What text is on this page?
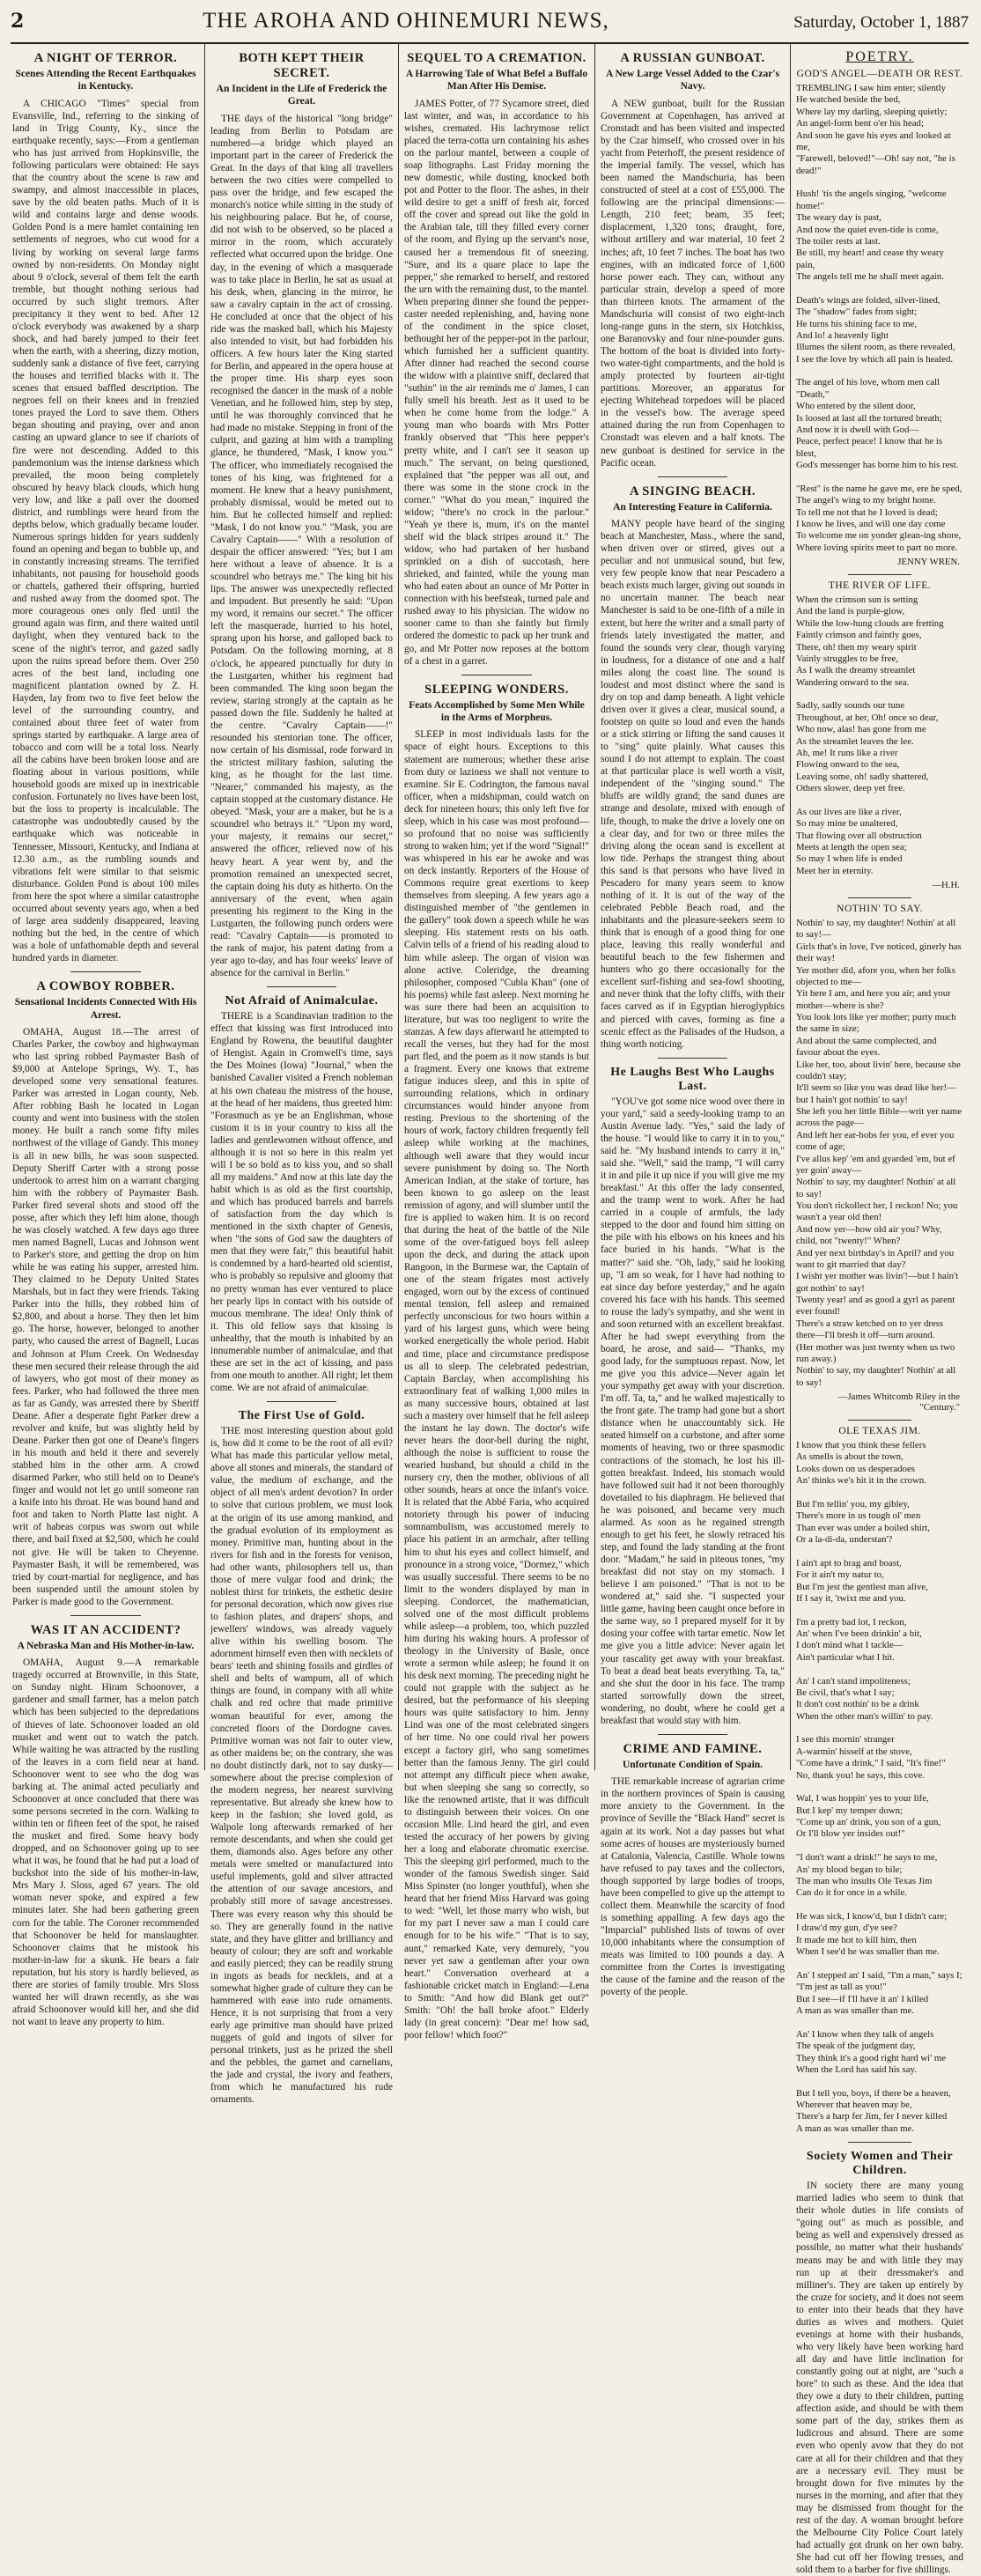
2	THE AROHA AND OHINEMURI NEWS,	Saturday, October 1, 1887
A NIGHT OF TERROR.
Scenes Attending the Recent Earthquakes in Kentucky.

A CHICAGO "Times" special from Evansville, Ind., referring to the sinking of land in Trigg County, Ky., since the earthquake recently, says:—From a gentleman who has just arrived from Hopkinsville, the following particulars were obtained: He says that the country about the scene is raw and swampy, and almost inaccessible in places, save by the old beaten paths. Much of it is wild and contains large and dense woods. Golden Pond is a mere hamlet containing ten settlements of negroes, who cut wood for a living by working on several large farms owned by non-residents. On Monday night about 9 o'clock, several of them felt the earth tremble, but thought nothing serious had occurred by such slight tremors. After precipitancy it they went to bed. After 12 o'clock everybody was awakened by a sharp shock, and had barely jumped to their feet when the earth, with a sheering, dizzy motion, suddenly sank a distance of five feet, carrying the houses and terrified blacks with it. The scenes that ensued baffled description. The negroes fell on their knees and in frenzied tones prayed the Lord to save them. Others began shouting and praying, over and anon casting an upward glance to see if chariots of fire were not descending. Added to this pandemonium was the intense darkness which prevailed, the moon being completely obscured by heavy black clouds, which hung very low, and like a pall over the doomed district, and rumblings were heard from the depths below, which gradually became louder. Numerous springs hidden for years suddenly found an opening and began to bubble up, and in constantly increasing streams. The terrified inhabitants, not pausing for household goods or chattels, gathered their offspring, hurried and rushed away from the doomed spot. The more courageous ones only fled until the ground again was firm, and there waited until daylight, when they ventured back to the scene of the night's terror, and gazed sadly upon the ruins spread before them. Over 250 acres of the best land, including one magnificent plantation owned by Z. H. Hayden, lay from two to five feet below the level of the surrounding country, and contained about three feet of water from springs started by earthquake. A large area of tobacco and corn will be a total loss. Nearly all the cabins have been broken loose and are floating about in various positions, while household goods are mixed up in inextricable confusion. Fortunately no lives have been lost, but the loss to property is incalculable. The catastrophe was undoubtedly caused by the earthquake which was noticeable in Tennessee, Missouri, Kentucky, and Indiana at 12.30 a.m., as the rumbling sounds and vibrations felt were similar to that seismic disturbance. Golden Pond is about 100 miles from here the spot where a similar catastrophe occurred about seventy years ago, when a bed of large area suddenly disappeared, leaving nothing but the bed, in the centre of which was a hole of unfathomable depth and several hundred yards in diameter.

A COWBOY ROBBER.
Sensational Incidents Connected With His Arrest.

OMAHA, August 18.—The arrest of Charles Parker, the cowboy and highwayman who last spring robbed Paymaster Bash of $9,000 at Antelope Springs, Wy. T., has developed some very sensational features. Parker was arrested in Logan county, Neb. After robbing Bash he located in Logan county and went into business with the stolen money. He built a ranch some fifty miles northwest of the village of Gandy. This money is all in new bills, he was soon suspected. Deputy Sheriff Carter with a strong posse undertook to arrest him on a warrant charging him with the robbery of Paymaster Bash. Parker fired several shots and stood off the posse, after which they left him alone, though he was closely watched. A few days ago three men named Bagnell, Lucas and Johnson went to Parker's store, and getting the drop on him while he was eating his supper, arrested him. They claimed to be Deputy United States Marshals, but in fact they were friends. Taking Parker into the hills, they robbed him of $2,800, and about a horse. They then let him go. The horse, however, belonged to another party, who caused the arrest of Bagnell, Lucas and Johnson at Plum Creek. On Wednesday these men secured their release through the aid of lawyers, who got most of their money as fees. Parker, who had followed the three men as far as Gandy, was arrested there by Sheriff Deane. After a desperate fight Parker drew a revolver and knife, but was slightly held by Deane. Parker then got one of Deane's fingers in his mouth and held it there and severely stabbed him in the other arm. A crowd disarmed Parker, who still held on to Deane's finger and would not let go until someone ran a knife into his throat. He was bound hand and foot and taken to North Platte last night. A writ of habeas corpus was sworn out while there, and bail fixed at $2,500, which he could not give. He will be taken to Cheyenne. Paymaster Bash, it will be remembered, was tried by court-martial for negligence, and has been suspended until the amount stolen by Parker is made good to the Government.

WAS IT AN ACCIDENT?
A Nebraska Man and His Mother-in-law.

OMAHA, August 9.—A remarkable tragedy occurred at Brownville, in this State, on Sunday night. Hiram Schoonover, a gardener and small farmer, has a melon patch which has been subjected to the depredations of thieves of late. Schoonover loaded an old musket and went out to watch the patch. While waiting he was attracted by the rustling of the leaves in a corn field near at hand. Schoonover went to see who the dog was barking at. The animal acted peculiarly and Schoonover at once concluded that there was some persons secreted in the corn. Walking to within ten or fifteen feet of the spot, he raised the musket and fired. Some heavy body dropped, and on Schoonover going up to see what it was, he found that he had put a load of buckshot into the side of his mother-in-law, Mrs Mary J. Sloss, aged 67 years. The old woman never spoke, and expired a few minutes later. She had been gathering green corn for the table. The Coroner recommended that Schoonover be held for manslaughter. Schoonover claims that he mistook his mother-in-law for a skunk. He bears a fair reputation, but his story is hardly believed, as there are stories of family trouble. Mrs Sloss wanted her will drawn recently, as she was afraid Schoonover would kill her, and she did not want to leave any property to him.

BOTH KEPT THEIR SECRET.
An Incident in the Life of Frederick the Great.

THE days of the historical "long bridge" leading from Berlin to Potsdam are numbered—a bridge which played an important part in the career of Frederick the Great. In the days of that king all travellers between the two cities were compelled to pass over the bridge, and few escaped the monarch's notice while sitting in the study of his neighbouring palace. But he, of course, did not wish to be observed, so he placed a mirror in the room, which accurately reflected what occurred upon the bridge. One day, in the evening of which a masquerade was to take place in Berlin, he sat as usual at his desk, when, glancing in the mirror, he saw a cavalry captain in the act of crossing. He concluded at once that the object of his ride was the masked ball, which his Majesty also intended to visit, but had forbidden his officers. A few hours later the King started for Berlin, and appeared in the opera house at the proper time. His sharp eyes soon recognised the dancer in the mask of a noble Venetian, and he followed him, step by step, until he was thoroughly convinced that he had made no mistake. Stepping in front of the culprit, and gazing at him with a trampling glance, he thundered, "Mask, I know you." The officer, who immediately recognised the tones of his king, was frightened for a moment. He knew that a heavy punishment, probably dismissal, would be meted out to him. But he collected himself and replied: "Mask, I do not know you." "Mask, you are Cavalry Captain——" With a resolution of despair the officer answered: "Yes; but I am here without a leave of absence. It is a scoundrel who betrays me." The king bit his lips. The answer was unexpectedly reflected and impudent. But presently he said: "Upon my word, it remains our secret." The officer left the masquerade, hurried to his hotel, sprang upon his horse, and galloped back to Potsdam. On the following morning, at 8 o'clock, he appeared punctually for duty in the Lustgarten, whither his regiment had been commanded. The king soon began the review, staring strongly at the captain as he passed down the file. Suddenly he halted at the centre. "Cavalry Captain——!" resounded his stentorian tone. The officer, now certain of his dismissal, rode forward in the strictest military fashion, saluting the king, as he thought for the last time. "Nearer," commanded his majesty, as the captain stopped at the customary distance. He obeyed. "Mask, your are a maker, but he is a scoundrel who betrays it." "Upon my word, your majesty, it remains our secret," answered the officer, relieved now of his heavy heart. A year went by, and the promotion remained an unexpected secret, the captain doing his duty as hitherto. On the anniversary of the event, when again presenting his regiment to the King in the Lustgarten, the following punch orders were read: "Cavalry Captain——is promoted to the rank of major, his patent dating from a year ago to-day, and has four weeks' leave of absence for the carnival in Berlin."

Not Afraid of Animalculae.

THERE is a Scandinavian tradition to the effect that kissing was first introduced into England by Rowena, the beautiful daughter of Hengist. Again in Cromwell's time, says the Des Moines (Iowa) "Journal," when the banished Cavalier visited a French nobleman at his own chateau the mistress of the house, at the head of her maidens, thus greeted him: "Forasmuch as ye be an Englishman, whose custom it is in your country to kiss all the ladies and gentlewomen without offence, and although it is not so here in this realm yet will I be so bold as to kiss you, and so shall all my maidens." And now at this late day the habit which is as old as the first courtship, and which has produced barrels and barrels of satisfaction from the day which is mentioned in the sixth chapter of Genesis, when "the sons of God saw the daughters of men that they were fair," this beautiful habit is condemned by a hard-hearted old scientist, who is probably so repulsive and gloomy that no pretty woman has ever ventured to place her pearly lips in contact with his outside of mucous membrane. The idea! Only think of it. This old fellow says that kissing is unhealthy, that the mouth is inhabited by an innumerable number of animalculae, and that these are set in the act of kissing, and pass from one mouth to another. All right; let them come. We are not afraid of animalculae.

The First Use of Gold.

THE most interesting question about gold is, how did it come to be the root of all evil? What has made this particular yellow metal, above all stones and minerals, the standard of value, the medium of exchange, and the object of all men's ardent devotion? In order to solve that curious problem, we must look at the origin of its use among mankind, and the gradual evolution of its employment as money. Primitive man, hunting about in the rivers for fish and in the forests for venison, had other wants, philosophers tell us, than those of mere vulgar food and drink; the noblest thirst for trinkets, the esthetic desire for personal decoration, which now gives rise to fashion plates, and drapers' shops, and jewellers' windows, was already vaguely alive within his swelling bosom. The adornment himself even then with necklets of bears' teeth and shining fossils and girdles of shell and belts of wampum, all of which things are found, in company with all white chalk and red ochre that made primitive woman beautiful for ever, among the concreted floors of the Dordogne caves. Primitive woman was not fair to outer view, as other maidens be; on the contrary, she was no doubt distinctly dark, not to say dusky—somewhere about the precise complexion of the modern negress, her nearest surviving representative. But already she knew how to keep in the fashion; she loved gold, as Walpole long afterwards remarked of her remote descendants, and when she could get them, diamonds also. Ages before any other metals were smelted or manufactured into useful implements, gold and silver attracted the attention of our savage ancestors, and probably still more of savage ancestresses. There was every reason why this should be so. They are generally found in the native state, and they have glitter and brilliancy and beauty of colour; they are soft and workable and easily pierced; they can be readily strung in ingots as beads for necklets, and at a somewhat higher grade of culture they can be hammered with ease into rude ornaments. Hence, it is not surprising that from a very early age primitive man should have prized nuggets of gold and ingots of silver for personal trinkets, just as he prized the shell and the pebbles, the garnet and carnelians, the jade and crystal, the ivory and feathers, from which he manufactured his rude ornaments.

SEQUEL TO A CREMATION.
A Harrowing Tale of What Befel a Buffalo Man After His Demise.

JAMES Potter, of 77 Sycamore street, died last winter, and was, in accordance to his wishes, cremated. His lachrymose relict placed the terra-cotta urn containing his ashes on the parlour mantel, between a couple of soap lithographs. Last Friday morning the new domestic, while dusting, knocked both pot and Potter to the floor. The ashes, in their wild desire to get a sniff of fresh air, forced off the cover and spread out like the gold in the Arabian tale, till they filled every corner of the room, and flying up the servant's nose, caused her a tremendous fit of sneezing. "Sure, and its a quare place to lape the pepper," she remarked to herself, and restored the urn with the remaining dust, to the mantel. When preparing dinner she found the pepper-caster needed replenishing, and, having none of the condiment in the spice closet, bethought her of the pepper-pot in the parlour, which furnished her a sufficient quantity. After dinner had reached the second course the widow with a plaintive sniff, declared that "suthin" in the air reminds me o' James, I can fully smell his breath. Jest as it used to be when he come home from the lodge." A young man who boards with Mrs Potter frankly observed that "This here pepper's pretty white, and I can't see it season up much." The servant, on being questioned, explained that "the pepper was all out, and there was some in the stone crock in the corner." "What do you mean," inquired the widow; "there's no crock in the parlour." "Yeah ye there is, mum, it's on the mantel shelf wid the black stripes around it." The widow, who had partaken of her husband sprinkled on a dish of succotash, here shrieked, and fainted, while the young man who had eaten about an ounce of Mr Potter in connection with his beefsteak, turned pale and rushed away to his physician. The widow no sooner came to than she faintly but firmly ordered the domestic to pack up her trunk and go, and Mr Potter now reposes at the bottom of a chest in a garret.

SLEEPING WONDERS.
Feats Accomplished by Some Men While in the Arms of Morpheus.

SLEEP in most individuals lasts for the space of eight hours. Exceptions to this statement are numerous; whether these arise from duty or laziness we shall not venture to examine. Sir E. Codrington, the famous naval officer, when a midshipman, could watch on deck for nineteen hours; this only left five for sleep, which in his case was most profound—so profound that no noise was sufficiently strong to waken him; yet if the word "Signal!" was whispered in his ear he awoke and was on deck instantly. Reporters of the House of Commons require great exertions to keep themselves from sleeping. A few years ago a distinguished member of "the gentlemen in the gallery" took down a speech while he was sleeping. His statement rests on his oath. Calvin tells of a friend of his reading aloud to him while asleep. The organ of vision was alone active. Coleridge, the dreaming philosopher, composed "Cubla Khan" (one of his poems) while fast asleep. Next morning he was sure there had been an acquisition to literature, but was too negligent to write the stanzas. A few days afterward he attempted to recall the verses, but they had for the most part fled, and the poem as it now stands is but a fragment. Every one knows that extreme fatigue induces sleep, and this in spite of surrounding relations, which in ordinary circumstances would hinder anyone from resting. Previous to the shortening of the hours of work, factory children frequently fell asleep while working at the machines, although well aware that they would incur severe punishment by doing so. The North American Indian, at the stake of torture, has been known to go asleep on the least remission of agony, and will slumber until the fire is applied to waken him. It is on record that during the heat of the battle of the Nile some of the over-fatigued boys fell asleep upon the deck, and during the attack upon Rangoon, in the Burmese war, the Captain of one of the steam frigates most actively engaged, worn out by the excess of continued mental tension, fell asleep and remained perfectly unconscious for two hours within a yard of his largest guns, which were being worked energetically the whole period. Habit and time, place and circumstance predispose us all to sleep. The celebrated pedestrian, Captain Barclay, when accomplishing his extraordinary feat of walking 1,000 miles in as many successive hours, obtained at last such a mastery over himself that he fell asleep the instant he lay down. The doctor's wife never hears the door-bell during the night, although the noise is sufficient to rouse the wearied husband, but should a child in the nursery cry, then the mother, oblivious of all other sounds, hears at once the infant's voice. It is related that the Abbé Faria, who acquired notoriety through his power of inducing somnambulism, was accustomed merely to place his patient in an armchair, after telling him to shut his eyes and collect himself, and pronounce in a strong voice, "Dormez," which was usually successful. There seems to be no limit to the wonders displayed by man in sleeping. Condorcet, the mathematician, solved one of the most difficult problems while asleep—a problem, too, which puzzled him during his waking hours. A professor of theology in the University of Basle, once wrote a sermon while asleep; he found it on his desk next morning. The preceding night he could not grapple with the subject as he desired, but the performance of his sleeping hours was quite satisfactory to him. Jenny Lind was one of the most celebrated singers of her time. No one could rival her powers except a factory girl, who sang sometimes better than the famous Jenny. The girl could not attempt any difficult piece when awake, but when sleeping she sang so correctly, so like the renowned artiste, that it was difficult to distinguish between their voices. On one occasion Mlle. Lind heard the girl, and even tested the accuracy of her powers by giving her a long and elaborate chromatic exercise. This the sleeping girl performed, much to the wonder of the famous Swedish singer. Said Miss Spinster (no longer youthful), when she heard that her friend Miss Harvard was going to wed: "Well, let those marry who wish, but for my part I never saw a man I could care enough for to be his wife." "That is to say, aunt," remarked Kate, very demurely, "you never yet saw a gentleman after your own heart." Conversation overheard at a fashionable cricket match in England:—Lena to Smith: "And how did Blank get out?" Smith: "Oh! the ball broke afoot." Elderly lady (in great concern): "Dear me! how sad, poor fellow! which foot?"

A RUSSIAN GUNBOAT.
A New Large Vessel Added to the Czar's Navy.

A NEW gunboat, built for the Russian Government at Copenhagen, has arrived at Cronstadt and has been visited and inspected by the Czar himself, who crossed over in his yacht from Peterhoff, the present residence of the imperial family. The vessel, which has been named the Mandschuria, has been constructed of steel at a cost of £55,000. The following are the principal dimensions:—Length, 210 feet; beam, 35 feet; displacement, 1,320 tons; draught, fore, without artillery and war material, 10 feet 2 inches; aft, 10 feet 7 inches. The boat has two engines, with an indicated force of 1,600 horse power each. They can, without any particular strain, develop a speed of more than thirteen knots. The armament of the Mandschuria will consist of two eight-inch long-range guns in the stern, six Hotchkiss, one Baranovsky and four nine-pounder guns. The bottom of the boat is divided into forty-two water-tight compartments, and the hold is amply protected by fourteen air-tight partitions. Moreover, an apparatus for ejecting Whitehead torpedoes will be placed in the vessel's bow. The average speed attained during the run from Copenhagen to Cronstadt was eleven and a half knots. The new gunboat is destined for service in the Pacific ocean.

A SINGING BEACH.
An Interesting Feature in California.

MANY people have heard of the singing beach at Manchester, Mass., where the sand, when driven over or stirred, gives out a peculiar and not unmusical sound, but few, very few people know that near Pescadero a beach exists much larger, giving out sounds in no uncertain manner. The beach near Manchester is said to be one-fifth of a mile in extent, but here the writer and a small party of friends lately investigated the matter, and found the sounds very clear, though varying in loudness, for a distance of one and a half miles along the coast line. The sound is loudest and most distinct where the sand is dry on top and damp beneath. A light vehicle driven over it gives a clear, musical sound, a footstep on quite so loud and even the hands or a stick stirring or lifting the sand causes it to "sing" quite plainly. What causes this sound I do not attempt to explain. The coast at that particular place is well worth a visit, independent of the "singing sound." The bluffs are wildly grand; the sand dunes are strange and desolate, mixed with enough of life, though, to make the drive a lovely one on a clear day, and for two or three miles the driving along the ocean sand is excellent at low tide. Perhaps the strangest thing about this sand is that persons who have lived in Pescadero for many years seem to know nothing of it. It is out of the way of the celebrated Pebble Beach road, and the inhabitants and the pleasure-seekers seem to think that is enough of a good thing for one place, leaving this really wonderful and beautiful beach to the few fishermen and hunters who go there occasionally for the excellent surf-fishing and sea-fowl shooting, and never think that the lofty cliffs, with their faces carved as if in Egyptian hieroglyphics and pierced with caves, forming as fine a scenic effect as the Palisades of the Hudson, a thing worth noticing.

He Laughs Best Who Laughs Last.

"YOU've got some nice wood over there in your yard," said a seedy-looking tramp to an Austin Avenue lady. "Yes," said the lady of the house. "I would like to carry it in to you," said he. "My husband intends to carry it in," said she. "Well," said the tramp, "I will carry it in and pile it up nice if you will give me my breakfast." At this offer the lady consented, and the tramp went to work. After he had carried in a couple of armfuls, the lady stepped to the door and found him sitting on the pile with his elbows on his knees and his face buried in his hands. "What is the matter?" said she. "Oh, lady," said he looking up, "I am so weak, for I have had nothing to eat since day before yesterday," and he again covered his face with his hands. This seemed to rouse the lady's sympathy, and she went in and soon returned with an excellent breakfast. After he had swept everything from the board, he arose, and said— "Thanks, my good lady, for the sumptuous repast. Now, let me give you this advice—Never again let your sympathy get away with your discretion. I'm off. Ta, ta," and he walked majestically to the front gate. The tramp had gone but a short distance when he unaccountably sick. He seated himself on a curbstone, and after some moments of heaving, two or three spasmodic contractions of the stomach, he lost his ill-gotten breakfast. Indeed, his stomach would have followed suit had it not been thoroughly dovetailed to his diaphragm. He believed that he was poisoned, and became very much alarmed. As soon as he regained strength enough to get his feet, he slowly retraced his step, and found the lady standing at the front door. "Madam," he said in piteous tones, "my breakfast did not stay on my stomach. I believe I am poisoned." "That is not to be wondered at," said she. "I suspected your little game, having been caught once before in the same way, so I prepared myself for it by dosing your coffee with tartar emetic. Now let me give you a little advice: Never again let your rascality get away with your breakfast. To beat a dead beat beats everything. Ta, ta," and she shut the door in his face. The tramp started sorrowfully down the street, wondering, no doubt, where he could get a breakfast that would stay with him.

CRIME AND FAMINE.
Unfortunate Condition of Spain.

THE remarkable increase of agrarian crime in the northern provinces of Spain is causing more anxiety to the Government. In the province of Seville the "Black Hand" secret is again at its work. Not a day passes but what some acres of houses are mysteriously burned at Catalonia, Valencia, Castille. Whole towns have refused to pay taxes and the collectors, though supported by large bodies of troops, have been compelled to give up the attempt to collect them. Meanwhile the scarcity of food is something appalling. A few days ago the "Imparcial" published lists of towns of over 10,000 inhabitants where the consumption of meats was limited to 100 pounds a day. A committee from the Cortes is investigating the cause of the famine and the reason of the poverty of the people.

POETRY.
GOD'S ANGEL—DEATH OR REST.

TREMBLING I saw him enter; silently
He watched beside the bed,
Where lay my darling, sleeping quietly;
An angel-form bent o'er his head;
And soon he gave his eyes and looked at me,
"Farewell, beloved!"—Oh! say not, "he is dead!"

Hush! 'tis the angels singing, "welcome home!"
The weary day is past,
And now the quiet even-tide is come,
The toiler rests at last.
Be still, my heart! and cease thy weary pain,
The angels tell me he shall meet again.

Death's wings are folded, silver-lined,
The "shadow" fades from sight;
He turns his shining face to me,
And lo! a heavenly light
Illumes the silent room, as there revealed,
I see the love by which all pain is healed.

The angel of his love, whom men call "Death,"
Who entered by the silent door,
Is loosed at last all the tortured breath;
And now it is dwell with God—
Peace, perfect peace! I know that he is blest,
God's messenger has borne him to his rest.

"Rest" is the name he gave me, ere he sped,
The angel's wing to my bright home.
To tell me not that he I loved is dead;
I know he lives, and will one day come
To welcome me on yonder glean-ing shore,
Where loving spirits meet to part no more.

JENNY WREN.
THE RIVER OF LIFE.

When the crimson sun is setting
And the land is purple-glow,
While the low-hung clouds are fretting
Faintly crimson and faintly goes,
There, oh! then my weary spirit
Vainly struggles to be free,
As I walk the dreamy streamlet
Wandering onward to the sea.

Sadly, sadly sounds our tune
Throughout, at her, Oh! once so dear,
Who now, alas! has gone from me
As the streamlet leaves the lee.
Ah, me! It runs like a river
Flowing onward to the sea,
Leaving some, oh! sadly shattered,
Others slower, deep yet free.

As our lives are like a river,
So may mine be unaltered,
That flowing over all obstruction
Meets at length the open sea;
So may I when life is ended
Meet her in eternity.

—H.H.
NOTHIN' TO SAY.

Nothin' to say, my daughter! Nothin' at all to say!—
Girls that's in love, I've noticed, ginerly has their way!
Yer mother did, afore you, when her folks objected to me—
Yit here I am, and here you air; and your mother—where is she?
You look lots like yer mother; purty much the same in size;
And about the same complected, and favour about the eyes.
Like her, too, about livin' here, because she couldn't stay;
It'll seem so like you was dead like her!—but I hain't got nothin' to say!
She left you her little Bible—writ yer name across the page—
And left her ear-bobs fer you, ef ever you come of age;
I've allus kep' 'em and gyarded 'em, but ef yer goin' away—
Nothin' to say, my daughter! Nothin' at all to say!
You don't rickollect her, I reckon! No; you wasn't a year old then!
And now yer—how old air you? Why, child, not "twenty!" When?
And yer next birthday's in April? and you want to git married that day?
I wisht yer mother was livin'!—but I hain't got nothin' to say!
Twenty year! and as good a gyrl as parent ever found!
There's a straw ketched on to yer dress there—I'll bresh it off—turn around.
(Her mother was just twenty when us two run away.)
Nothin' to say, my daughter! Nothin' at all to say!

—James Whitcomb Riley in the "Century."
OLE TEXAS JIM.

I know that you think these fellers
As smells is about the town,
Looks down on us desperadoes
An' thinks we's hit it in the crown.

But I'm tellin' you, my gibley,
There's more in us tough ol' men
Than ever was under a boiled shirt,
Or a la-di-da, understan'?

I ain't apt to brag and boast,
For it ain't my natur to,
But I'm jest the gentlest man alive,
If I say it, 'twixt me and you.

I'm a pretty bad lot, I reckon,
An' when I've been drinkin' a bit,
I don't mind what I tackle—
Ain't particular what I hit.

An' I can't stand impoliteness;
Be civil, that's what I say;
It don't cost nothin' to be a drink
When the other man's willin' to pay.

I see this mornin' stranger
A-warmin' hisself at the stove,
"Come have a drink," I said, "It's fine!"
No, thank you! he says, this cove.

Wal, I was hoppin' yes to your life,
But I kep' my temper down;
"Come up an' drink, you son of a gun,
Or I'll blow yer insides out!"

"I don't want a drink!" he says to me,
An' my blood began to bile;
The man who insults Ole Texas Jim
Can do it for once in a while.

He was sick, I know'd, but I didn't care;
I draw'd my gun, d'ye see?
It made me hot to kill him, then
When I see'd he was smaller than me.

An' I stepped an' I said, "I'm a man," says I;
"I'm jest as tall as you!"
But I see—if I'll have it an' I killed
A man as was smaller than me.

An' I know when they talk of angels
The speak of the judgment day,
They think it's a good right hard wi' me
When the Lord has said his say.

But I tell you, boys, if there be a heaven,
Wherever that heaven may be,
There's a harp fer Jim, fer I never killed
A man as was smaller than me.

Society Women and Their Children.

IN society there are many young married ladies who seem to think that their whole duties in life consists of "going out" as much as possible, and being as well and expensively dressed as possible, no matter what their husbands' means may be and with little they may run up at their dressmaker's and milliner's. They are taken up entirely by the craze for society, and it does not seem to enter into their heads that they have duties as wives and mothers. Quiet evenings at home with their husbands, who very likely have been working hard all day and have little inclination for constantly going out at night, are "such a bore" to such as these. And the idea that they owe a duty to their children, putting affection aside, and should be with them some part of the day, strikes them as ludicrous and absurd. There are some even who openly avow that they do not care at all for their children and that they are a necessary evil. They must be brought down for five minutes by the nurses in the morning, and after that they may be dismissed from thought for the rest of the day. A woman brought before the Melbourne City Police Court lately had actually got drunk on her own baby. She had cut off her flowing tresses, and sold them to a barber for five shillings.
